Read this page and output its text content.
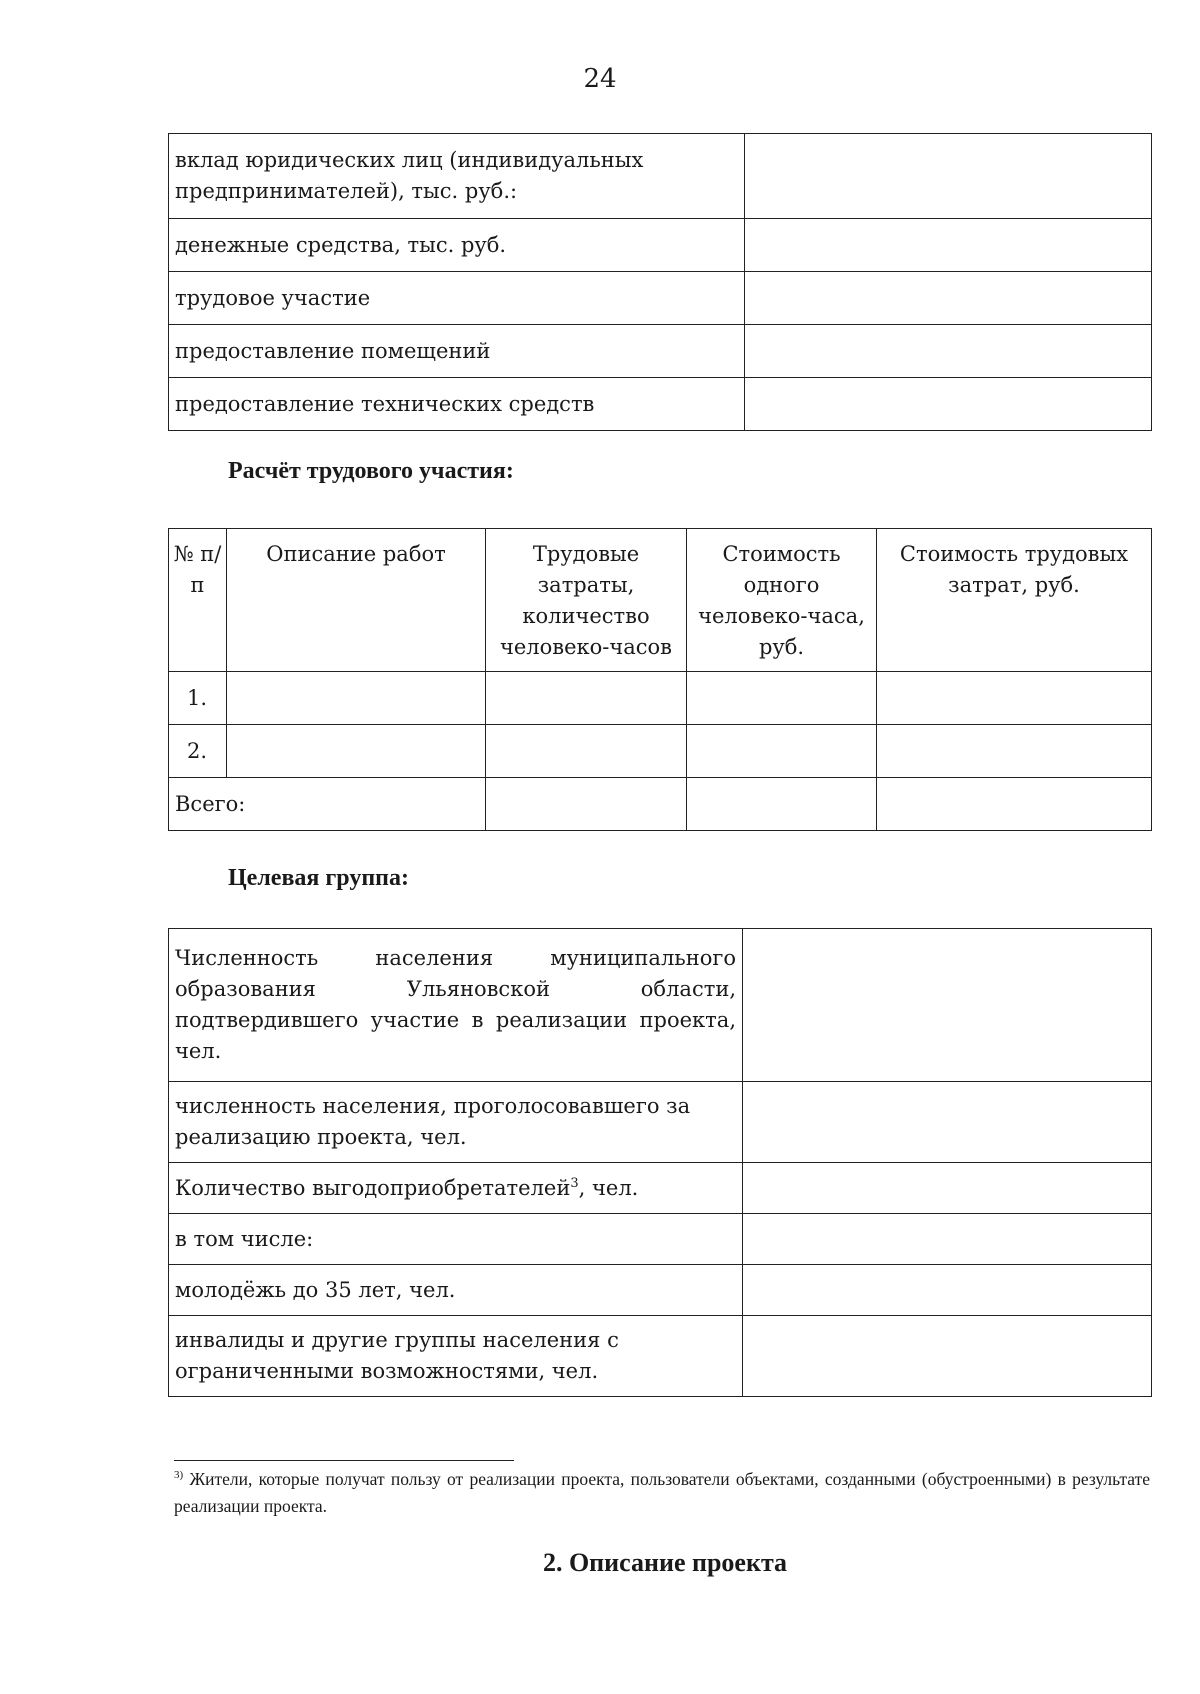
24
вклад юридических лиц (индивидуальных предпринимателей), тыс. руб.:	
денежные средства, тыс. руб.	
трудовое участие	
предоставление помещений	
предоставление технических средств	
Расчёт трудового участия:
№ п/п	Описание работ	Трудовые затраты, количество человеко-часов	Стоимость одного человеко-часа, руб.	Стоимость трудовых затрат, руб.
1.				
2.				
Всего:				
Целевая группа:
Численность населения муниципального образования Ульяновской области, подтвердившего участие в реализации проекта, чел.	
численность населения, проголосовавшего за реализацию проекта, чел.	
Количество выгодоприобретателей$^3$, чел.	
в том числе:	
молодёжь до 35 лет, чел.	
инвалиды и другие группы населения с ограниченными возможностями, чел.	
$^{3)}$ Жители, которые получат пользу от реализации проекта, пользователи объектами, созданными (обустроенными) в результате реализации проекта.
2. Описание проекта
